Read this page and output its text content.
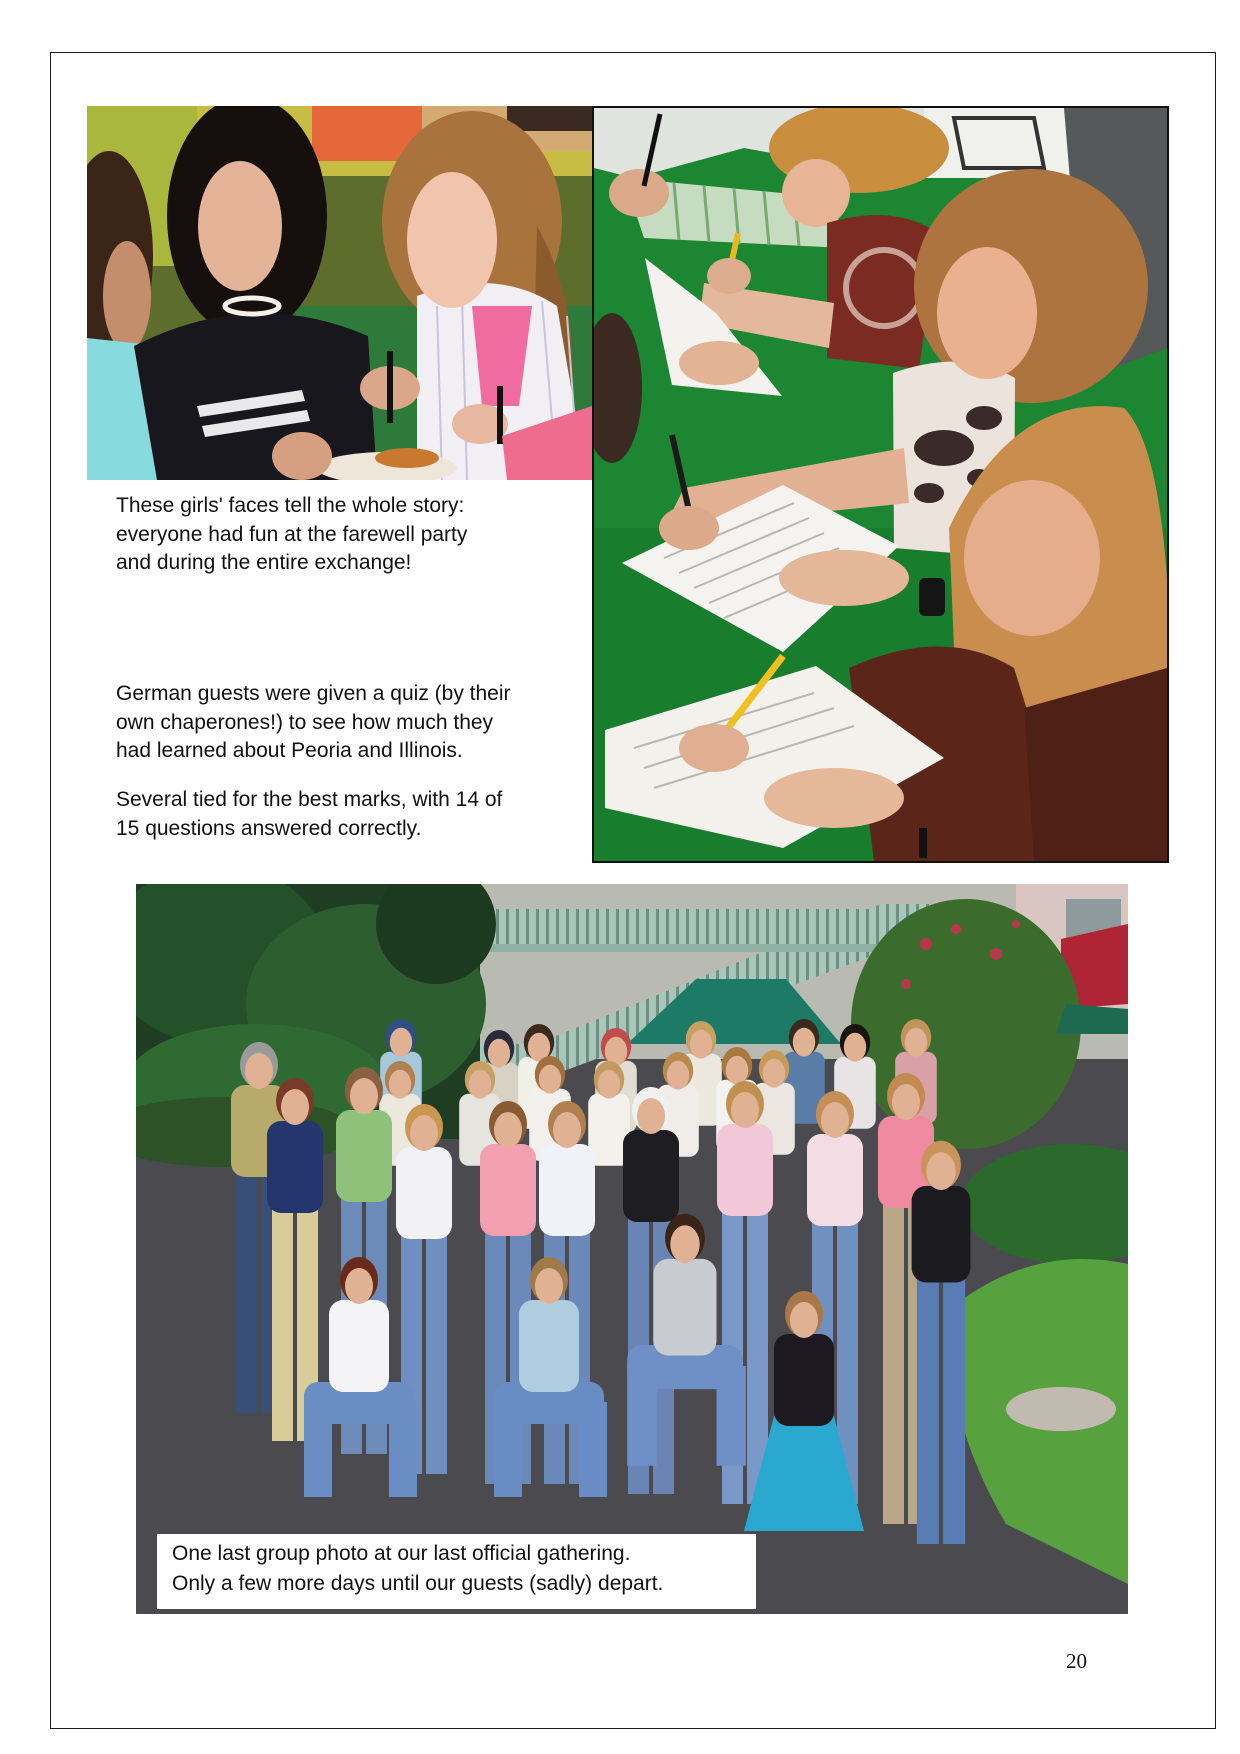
These girls' faces tell the whole story:
everyone had fun at the farewell party
and during the entire exchange!
German guests were given a quiz (by their
own chaperones!) to see how much they
had learned about Peoria and Illinois.
Several tied for the best marks, with 14 of
15 questions answered correctly.
One last group photo at our last official gathering.
Only a few more days until our guests (sadly) depart.
20
